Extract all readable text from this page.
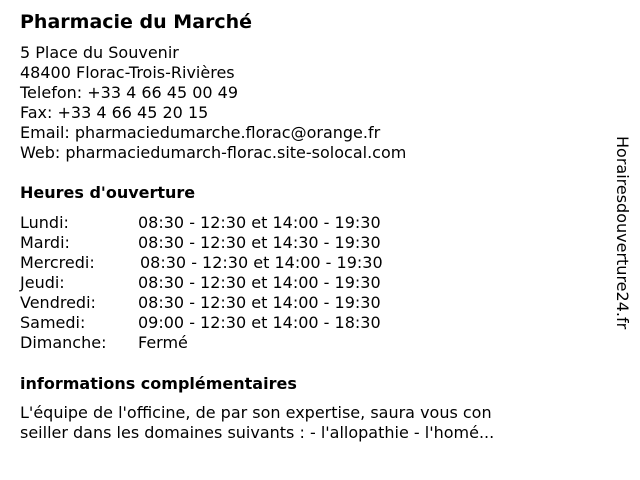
Pharmacie du Marché
5 Place du Souvenir
48400 Florac-Trois-Rivières
Telefon: +33 4 66 45 00 49
Fax: +33 4 66 45 20 15
Email: pharmaciedumarche.florac@orange.fr
Web: pharmaciedumarch-florac.site-solocal.com
Heures d'ouverture
Lundi:	08:30 - 12:30 et 14:00 - 19:30
Mardi:	08:30 - 12:30 et 14:30 - 19:30
Mercredi:	08:30 - 12:30 et 14:00 - 19:30
Jeudi:	08:30 - 12:30 et 14:00 - 19:30
Vendredi:	08:30 - 12:30 et 14:00 - 19:30
Samedi:	09:00 - 12:30 et 14:00 - 18:30
Dimanche: Fermé
informations complémentaires
L'équipe de l'officine, de par son expertise, saura vous con
seiller dans les domaines suivants : - l'allopathie - l'homé...
Horairesdouverture24.fr
